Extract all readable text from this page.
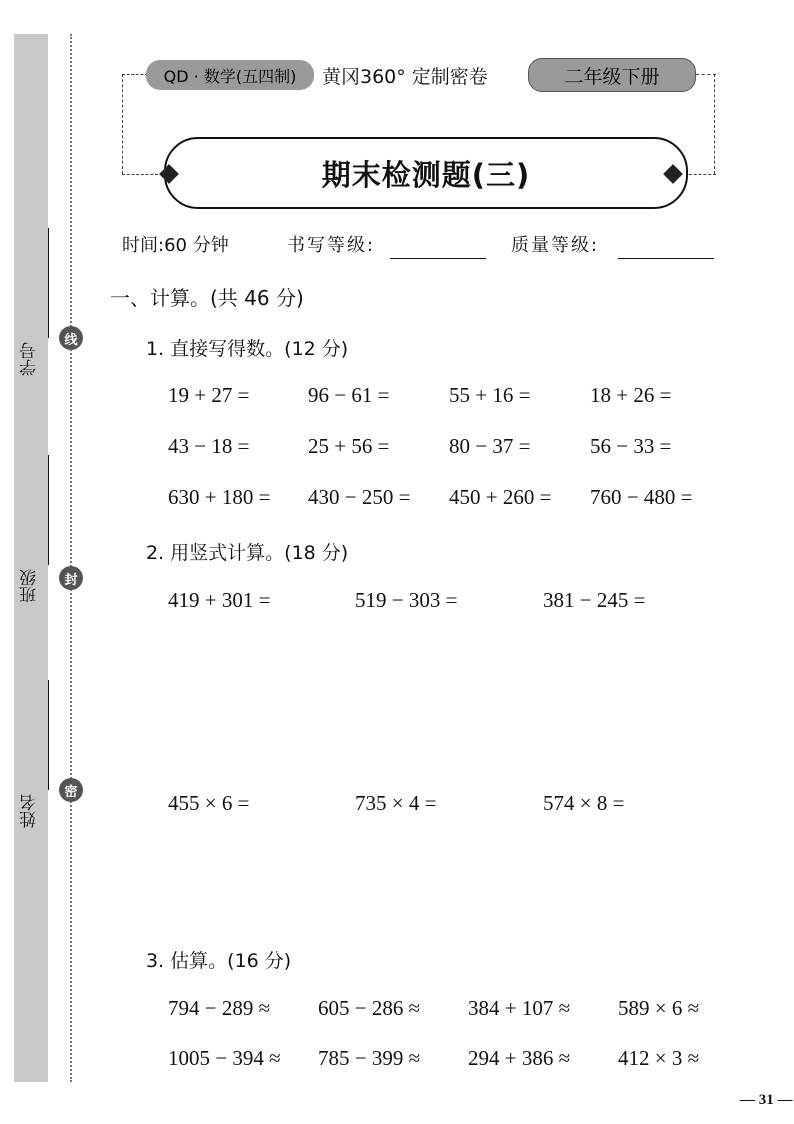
学号
班级
姓名
线
封
密
QD · 数学(五四制)	黄冈360° 定制密卷	二年级下册
期末检测题(三)
时间:60 分钟	书写等级:	质量等级:
一、计算。(共 46 分)
1. 直接写得数。(12 分)
19 + 27 =	96 − 61 =	55 + 16 =	18 + 26 =
43 − 18 =	25 + 56 =	80 − 37 =	56 − 33 =
630 + 180 = 430 − 250 = 450 + 260 = 760 − 480 =
2. 用竖式计算。(18 分)
419 + 301 =	519 − 303 =	381 − 245 =
455 × 6 =	735 × 4 =	574 × 8 =
3. 估算。(16 分)
794 − 289 ≈ 605 − 286 ≈ 384 + 107 ≈ 589 × 6 ≈
1005 − 394 ≈ 785 − 399 ≈ 294 + 386 ≈ 412 × 3 ≈
— 31 —
